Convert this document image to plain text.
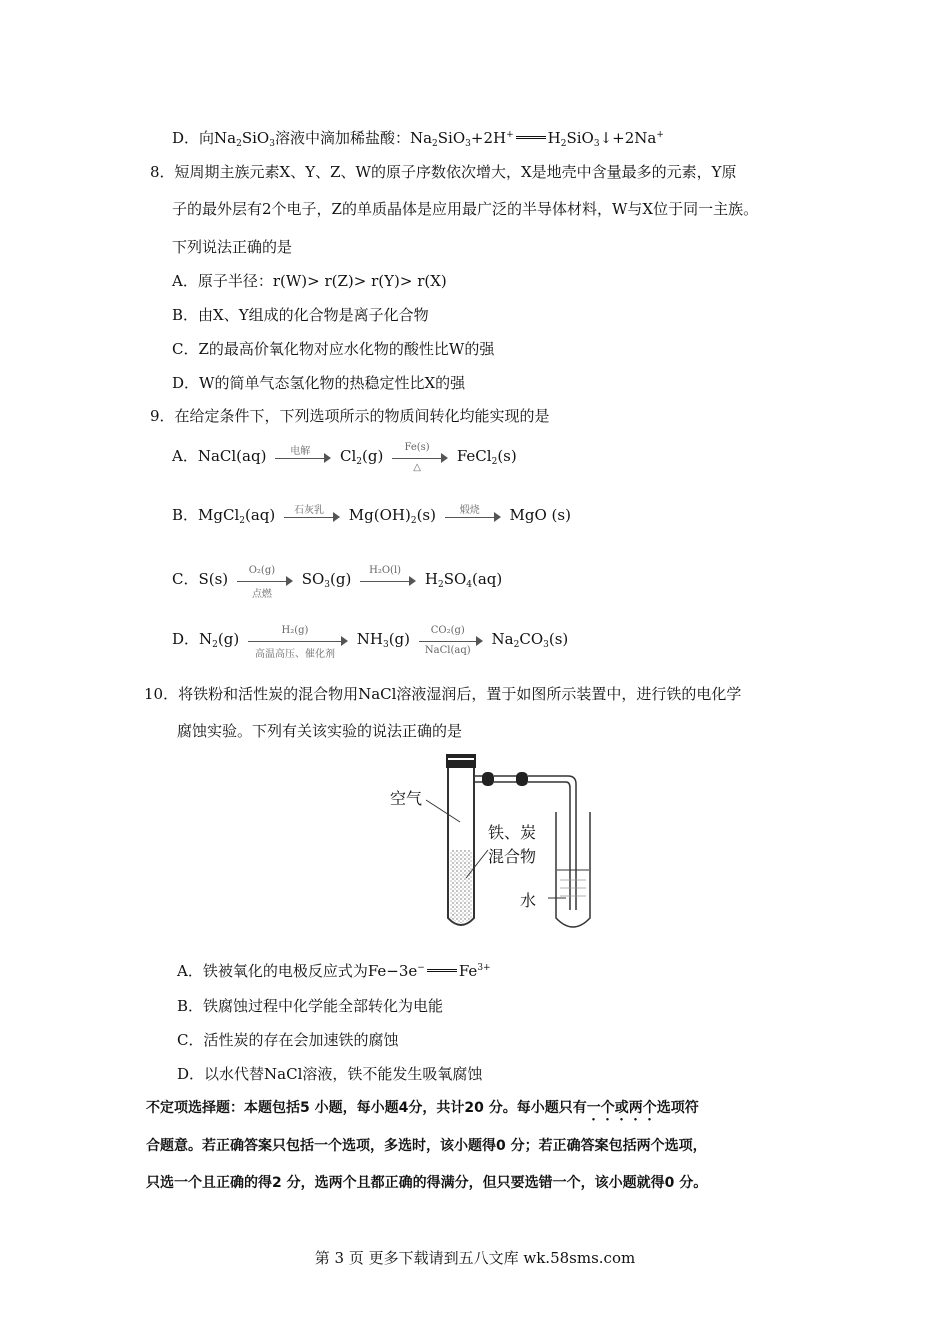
D．向$Na_2SiO_3$溶液中滴加稀盐酸：$Na_2SiO_3+2H^+$ $H_2SiO_3↓+2Na^+$
8．短周期主族元素X、Y、Z、W的原子序数依次增大，X是地壳中含量最多的元素，Y原
子的最外层有2个电子，Z的单质晶体是应用最广泛的半导体材料，W与X位于同一主族。
下列说法正确的是
A．原子半径：r(W)> r(Z)> r(Y)> r(X)
B．由X、Y组成的化合物是离子化合物
C．Z的最高价氧化物对应水化物的酸性比W的强
D．W的简单气态氢化物的热稳定性比X的强
9．在给定条件下，下列选项所示的物质间转化均能实现的是
A．NaCl(aq)	电解	$Cl_2(g)$	Fe(s)
△
FeCl$_2$(s)
B．MgCl$_2$(aq)	石灰乳	$Mg(OH)_2(s)$	煅烧	MgO (s)
C．S(s)	O₂(g)
点燃
$SO_3(g)$	H₂O(l)	$H_2SO_4(aq)$
D．$N_2(g)$	H₂(g)
高温高压、催化剂
$NH_3(g)$	CO₂(g)
NaCl(aq)
$Na_2CO_3(s)$
10．将铁粉和活性炭的混合物用NaCl溶液湿润后，置于如图所示装置中，进行铁的电化学
腐蚀实验。下列有关该实验的说法正确的是
空气
铁、炭
混合物
水
A．铁被氧化的电极反应式为Fe−3e− $Fe^{3+}$
B．铁腐蚀过程中化学能全部转化为电能
C．活性炭的存在会加速铁的腐蚀
D．以水代替NaCl溶液，铁不能发生吸氧腐蚀
不定项选择题：本题包括5 小题，每小题4分，共计20 分。每小题只有一个或两个选项符
合题意。若正确答案只包括一个选项，多选时，该小题得0 分；若正确答案包括两个选项，
只选一个且正确的得2 分，选两个且都正确的得满分，但只要选错一个，该小题就得0 分。
第 3 页 更多下载请到五八文库 wk.58sms.com
